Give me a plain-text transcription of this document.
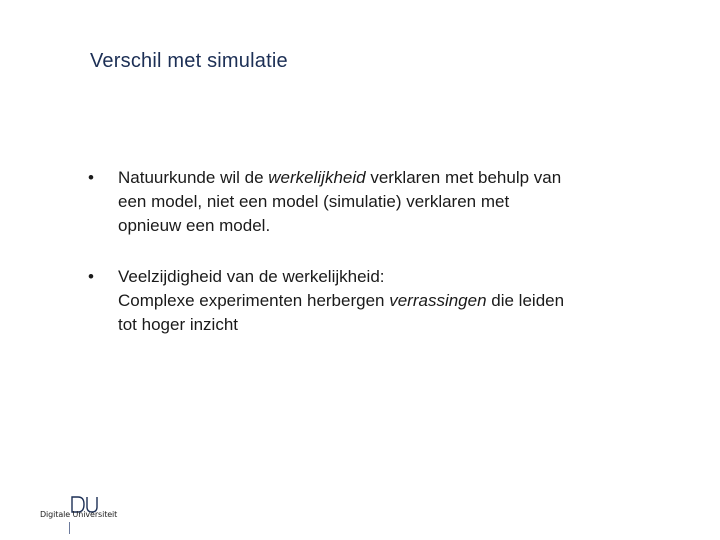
Verschil met simulatie
•	Natuurkunde wil de werkelijkheid verklaren met behulp van
een model, niet een model (simulatie) verklaren met
opnieuw een model.
•	Veelzijdigheid van de werkelijkheid:
Complexe experimenten herbergen verrassingen die leiden
tot hoger inzicht
DU
Digitale Universiteit
